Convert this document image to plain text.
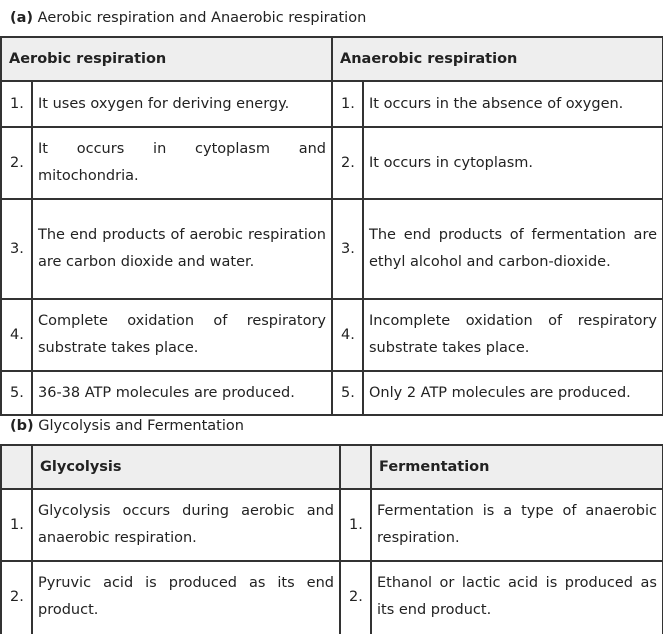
(a) Aerobic respiration and Anaerobic respiration
Aerobic respiration		Anaerobic respiration	
1.	It uses oxygen for deriving energy.	1.	It occurs in the absence of oxygen.
2.	It occurs in cytoplasm and mitochondria.	2.	It occurs in cytoplasm.
3.	The end products of aerobic respiration are carbon dioxide and water.	3.	The end products of fermentation are ethyl alcohol and carbon-dioxide.
4.	Complete oxidation of respiratory substrate takes place.	4.	Incomplete oxidation of respiratory substrate takes place.
5.	36-38 ATP molecules are produced.	5.	Only 2 ATP molecules are produced.
(b) Glycolysis and Fermentation
	Glycolysis		Fermentation
1.	Glycolysis occurs during aerobic and anaerobic respiration.	1.	Fermentation is a type of anaerobic respiration.
2.	Pyruvic acid is produced as its end product.	2.	Ethanol or lactic acid is produced as its end product.
